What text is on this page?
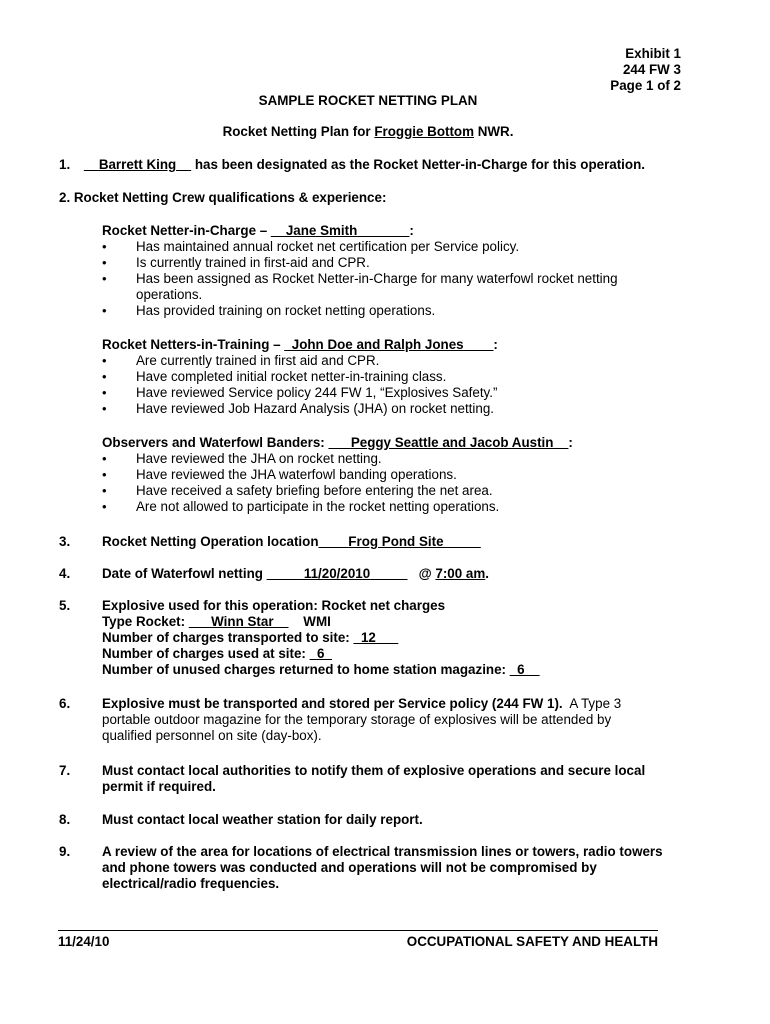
Exhibit 1
244 FW 3
Page 1 of 2
SAMPLE ROCKET NETTING PLAN
Rocket Netting Plan for Froggie Bottom NWR.
1. __Barrett King__ has been designated as the Rocket Netter-in-Charge for this operation.
2. Rocket Netting Crew qualifications & experience:
Rocket Netter-in-Charge – __Jane Smith_______:
• Has maintained annual rocket net certification per Service policy.
• Is currently trained in first-aid and CPR.
• Has been assigned as Rocket Netter-in-Charge for many waterfowl rocket netting operations.
• Has provided training on rocket netting operations.
Rocket Netters-in-Training – _John Doe and Ralph Jones____:
• Are currently trained in first aid and CPR.
• Have completed initial rocket netter-in-training class.
• Have reviewed Service policy 244 FW 1, “Explosives Safety.”
• Have reviewed Job Hazard Analysis (JHA) on rocket netting.
Observers and Waterfowl Banders: ___Peggy Seattle and Jacob Austin__:
• Have reviewed the JHA on rocket netting.
• Have reviewed the JHA waterfowl banding operations.
• Have received a safety briefing before entering the net area.
• Are not allowed to participate in the rocket netting operations.
3. Rocket Netting Operation location____Frog Pond Site_____
4. Date of Waterfowl netting _____11/20/2010_____   @ 7:00 am.
5. Explosive used for this operation: Rocket net charges
Type Rocket: ___Winn Star  _    WMI
Number of charges transported to site: _12___
Number of charges used at site: _6_
Number of unused charges returned to home station magazine: _6__
6. Explosive must be transported and stored per Service policy (244 FW 1).  A Type 3 portable outdoor magazine for the temporary storage of explosives will be attended by qualified personnel on site (day-box).
7. Must contact local authorities to notify them of explosive operations and secure local permit if required.
8. Must contact local weather station for daily report.
9. A review of the area for locations of electrical transmission lines or towers, radio towers and phone towers was conducted and operations will not be compromised by electrical/radio frequencies.
11/24/10	OCCUPATIONAL SAFETY AND HEALTH
